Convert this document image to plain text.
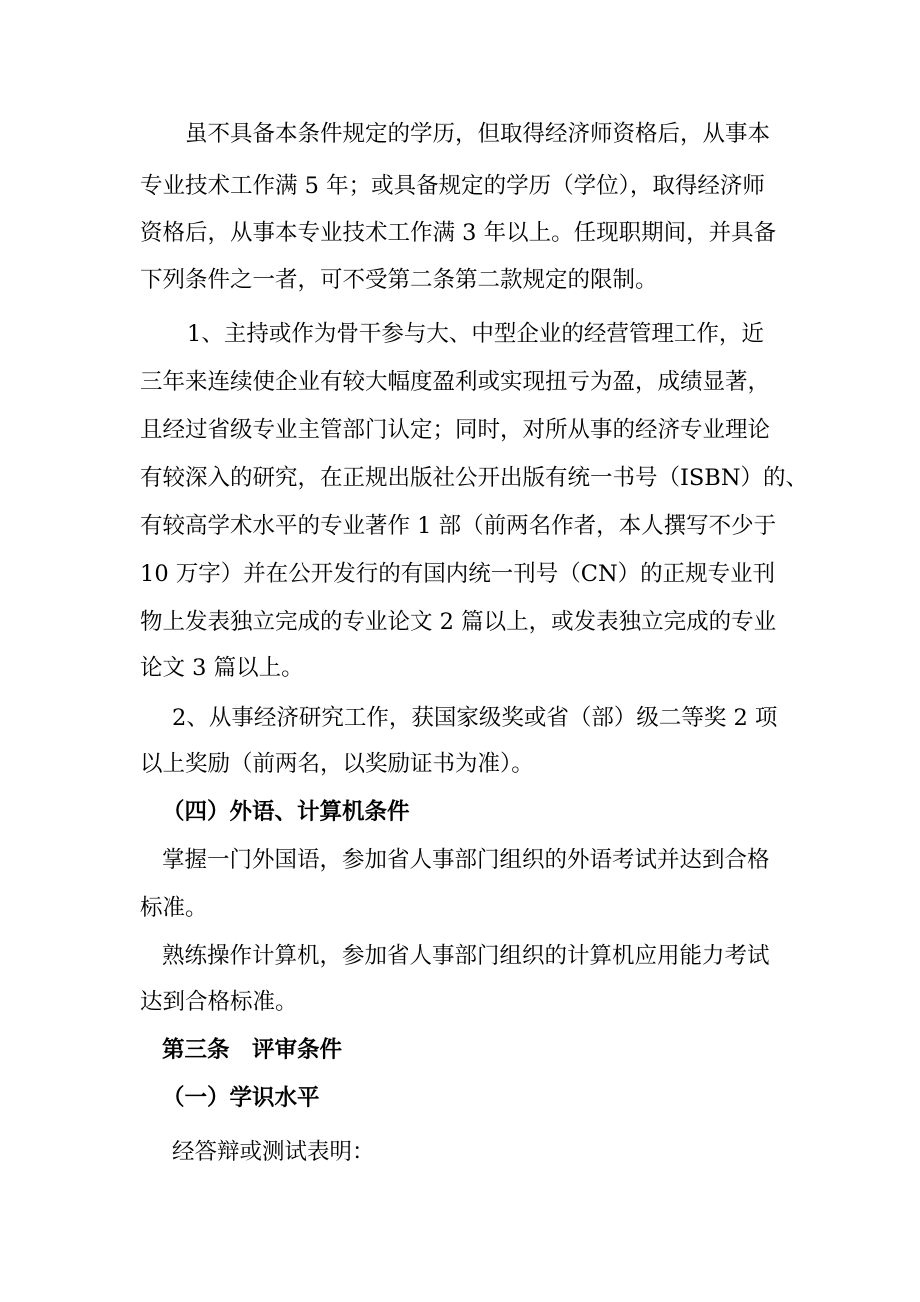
虽不具备本条件规定的学历，但取得经济师资格后，从事本
专业技术工作满 5 年；或具备规定的学历（学位），取得经济师
资格后，从事本专业技术工作满 3 年以上。任现职期间，并具备
下列条件之一者，可不受第二条第二款规定的限制。
1、主持或作为骨干参与大、中型企业的经营管理工作，近
三年来连续使企业有较大幅度盈利或实现扭亏为盈，成绩显著，
且经过省级专业主管部门认定；同时，对所从事的经济专业理论
有较深入的研究，在正规出版社公开出版有统一书号（ISBN）的、
有较高学术水平的专业著作 1 部（前两名作者，本人撰写不少于
10 万字）并在公开发行的有国内统一刊号（CN）的正规专业刊
物上发表独立完成的专业论文 2 篇以上，或发表独立完成的专业
论文 3 篇以上。
2、从事经济研究工作，获国家级奖或省（部）级二等奖 2 项
以上奖励（前两名，以奖励证书为准）。
（四）外语、计算机条件
掌握一门外国语，参加省人事部门组织的外语考试并达到合格
标准。
熟练操作计算机，参加省人事部门组织的计算机应用能力考试
达到合格标准。
第三条　评审条件
（一）学识水平
经答辩或测试表明：
